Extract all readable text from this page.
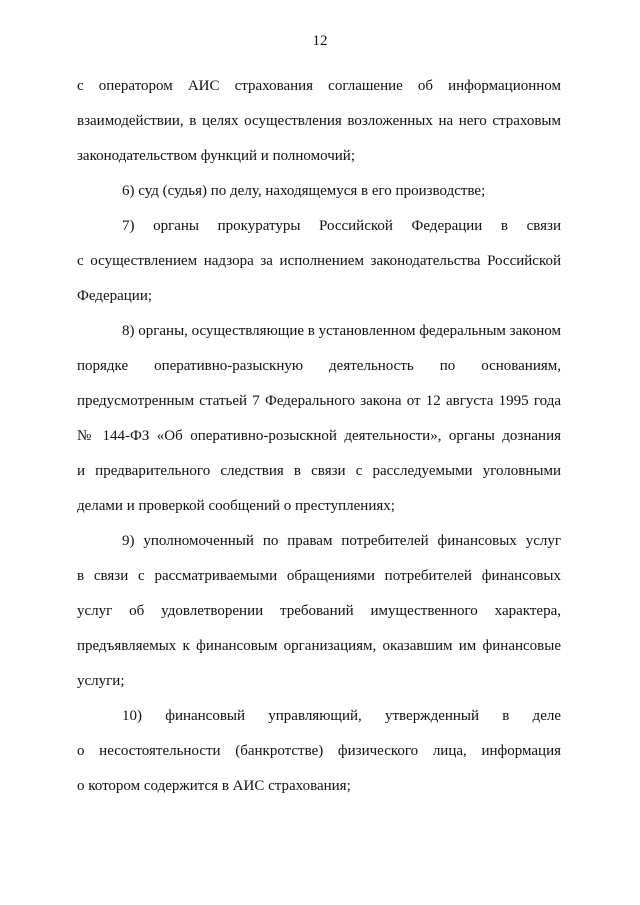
12
с оператором АИС страхования соглашение об информационном
взаимодействии, в целях осуществления возложенных на него страховым
законодательством функций и полномочий;
6) суд (судья) по делу, находящемуся в его производстве;
7) органы прокуратуры Российской Федерации в связи
с осуществлением надзора за исполнением законодательства Российской
Федерации;
8) органы, осуществляющие в установленном федеральным законом
порядке оперативно-разыскную деятельность по основаниям,
предусмотренным статьей 7 Федерального закона от 12 августа 1995 года
№ 144-ФЗ «Об оперативно-розыскной деятельности», органы дознания
и предварительного следствия в связи с расследуемыми уголовными
делами и проверкой сообщений о преступлениях;
9) уполномоченный по правам потребителей финансовых услуг
в связи с рассматриваемыми обращениями потребителей финансовых
услуг об удовлетворении требований имущественного характера,
предъявляемых к финансовым организациям, оказавшим им финансовые
услуги;
10) финансовый управляющий, утвержденный в деле
о несостоятельности (банкротстве) физического лица, информация
о котором содержится в АИС страхования;
